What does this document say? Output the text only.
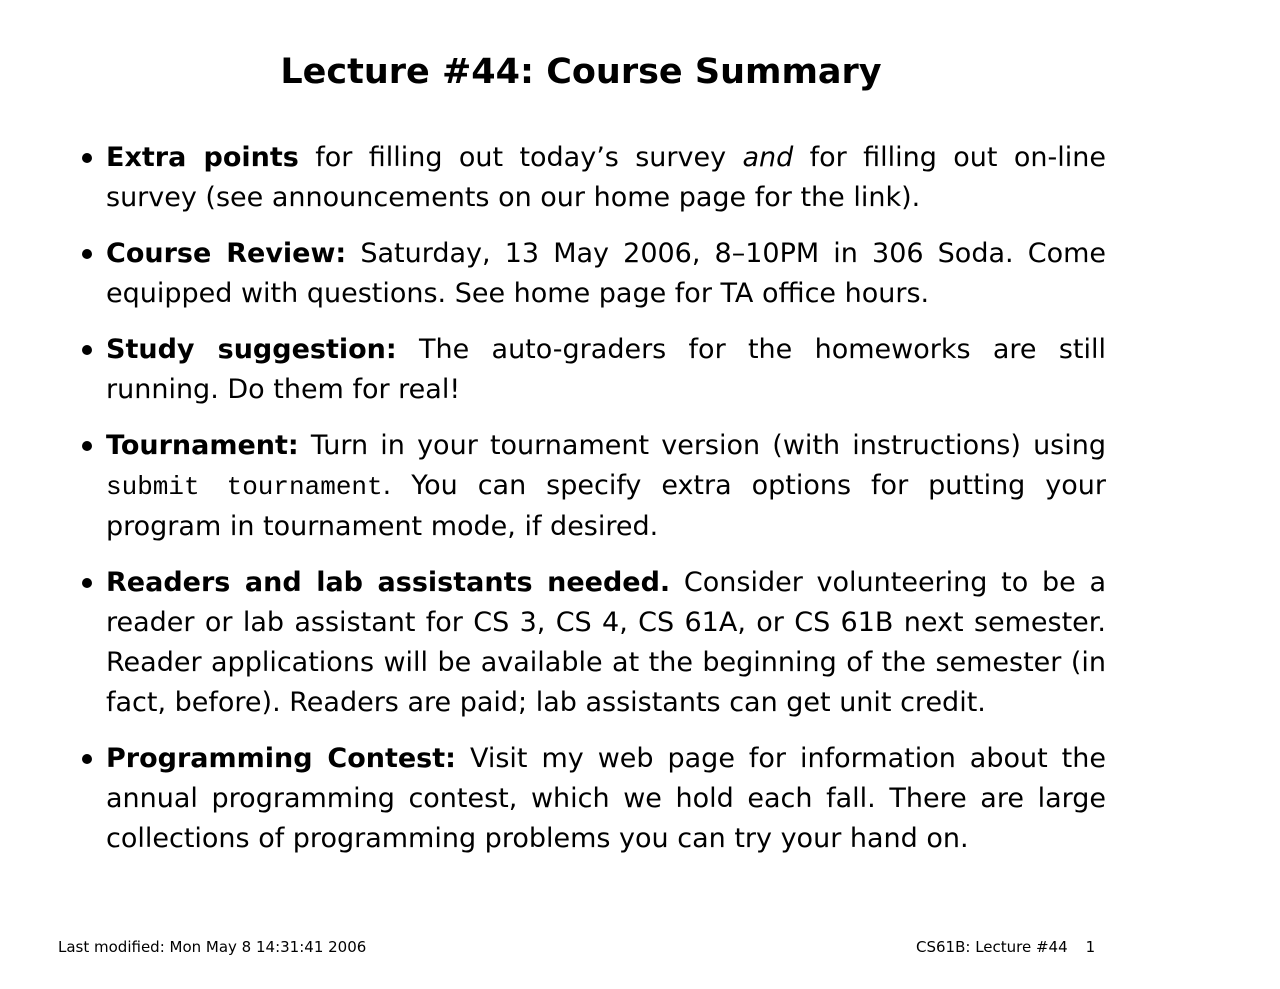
Lecture #44: Course Summary
Extra points for filling out today’s survey and for filling out on-line survey (see announcements on our home page for the link).
Course Review: Saturday, 13 May 2006, 8–10PM in 306 Soda. Come equipped with questions. See home page for TA office hours.
Study suggestion: The auto-graders for the homeworks are still running. Do them for real!
Tournament: Turn in your tournament version (with instructions) using submit tournament. You can specify extra options for putting your program in tournament mode, if desired.
Readers and lab assistants needed. Consider volunteering to be a reader or lab assistant for CS 3, CS 4, CS 61A, or CS 61B next semester. Reader applications will be available at the beginning of the semester (in fact, before). Readers are paid; lab assistants can get unit credit.
Programming Contest: Visit my web page for information about the annual programming contest, which we hold each fall. There are large collections of programming problems you can try your hand on.
Last modified: Mon May 8 14:31:41 2006	CS61B: Lecture #44 1
